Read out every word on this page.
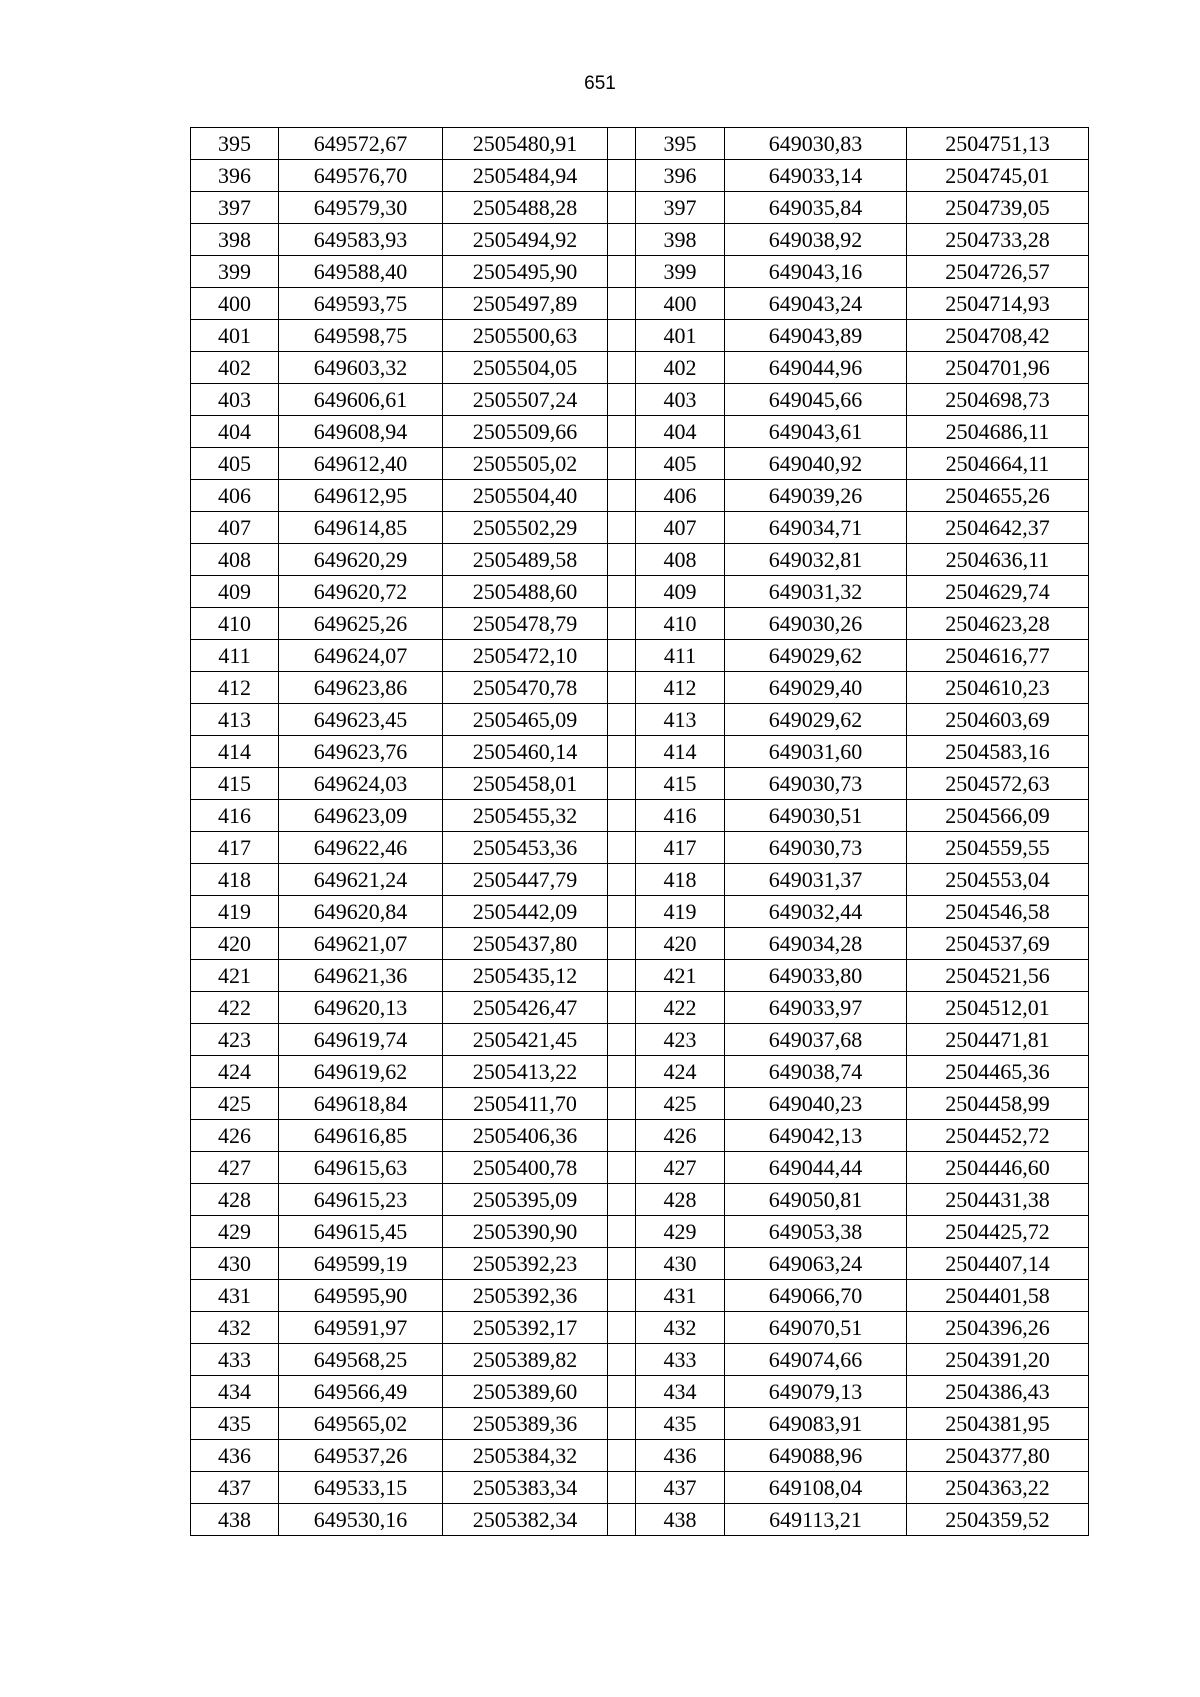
651
395	649572,67	2505480,91		395	649030,83	2504751,13
396	649576,70	2505484,94		396	649033,14	2504745,01
397	649579,30	2505488,28		397	649035,84	2504739,05
398	649583,93	2505494,92		398	649038,92	2504733,28
399	649588,40	2505495,90		399	649043,16	2504726,57
400	649593,75	2505497,89		400	649043,24	2504714,93
401	649598,75	2505500,63		401	649043,89	2504708,42
402	649603,32	2505504,05		402	649044,96	2504701,96
403	649606,61	2505507,24		403	649045,66	2504698,73
404	649608,94	2505509,66		404	649043,61	2504686,11
405	649612,40	2505505,02		405	649040,92	2504664,11
406	649612,95	2505504,40		406	649039,26	2504655,26
407	649614,85	2505502,29		407	649034,71	2504642,37
408	649620,29	2505489,58		408	649032,81	2504636,11
409	649620,72	2505488,60		409	649031,32	2504629,74
410	649625,26	2505478,79		410	649030,26	2504623,28
411	649624,07	2505472,10		411	649029,62	2504616,77
412	649623,86	2505470,78		412	649029,40	2504610,23
413	649623,45	2505465,09		413	649029,62	2504603,69
414	649623,76	2505460,14		414	649031,60	2504583,16
415	649624,03	2505458,01		415	649030,73	2504572,63
416	649623,09	2505455,32		416	649030,51	2504566,09
417	649622,46	2505453,36		417	649030,73	2504559,55
418	649621,24	2505447,79		418	649031,37	2504553,04
419	649620,84	2505442,09		419	649032,44	2504546,58
420	649621,07	2505437,80		420	649034,28	2504537,69
421	649621,36	2505435,12		421	649033,80	2504521,56
422	649620,13	2505426,47		422	649033,97	2504512,01
423	649619,74	2505421,45		423	649037,68	2504471,81
424	649619,62	2505413,22		424	649038,74	2504465,36
425	649618,84	2505411,70		425	649040,23	2504458,99
426	649616,85	2505406,36		426	649042,13	2504452,72
427	649615,63	2505400,78		427	649044,44	2504446,60
428	649615,23	2505395,09		428	649050,81	2504431,38
429	649615,45	2505390,90		429	649053,38	2504425,72
430	649599,19	2505392,23		430	649063,24	2504407,14
431	649595,90	2505392,36		431	649066,70	2504401,58
432	649591,97	2505392,17		432	649070,51	2504396,26
433	649568,25	2505389,82		433	649074,66	2504391,20
434	649566,49	2505389,60		434	649079,13	2504386,43
435	649565,02	2505389,36		435	649083,91	2504381,95
436	649537,26	2505384,32		436	649088,96	2504377,80
437	649533,15	2505383,34		437	649108,04	2504363,22
438	649530,16	2505382,34		438	649113,21	2504359,52
